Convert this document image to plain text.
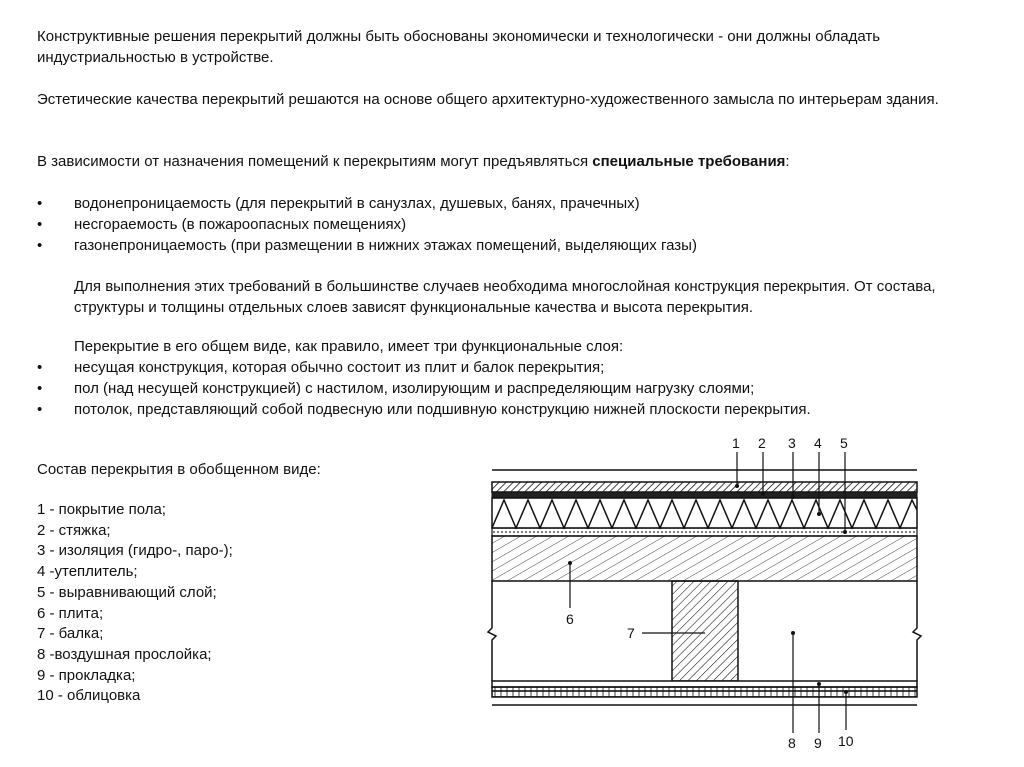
Конструктивные решения перекрытий должны быть обоснованы экономически и технологически - они должны обладать индустриальностью в устройстве.

Эстетические качества перекрытий решаются на основе общего архитектурно-художественного замысла по интерьерам здания.

В зависимости от назначения помещений к перекрытиям могут предъявляться специальные требования:

• водонепроницаемость (для перекрытий в санузлах, душевых, банях, прачечных)
• несгораемость (в пожароопасных помещениях)
• газонепроницаемость (при размещении в нижних этажах помещений, выделяющих газы)

Для выполнения этих требований в большинстве случаев необходима многослойная конструкция перекрытия. От состава, структуры и толщины отдельных слоев зависят функциональные качества и высота перекрытия.

Перекрытие в его общем виде, как правило, имеет три функциональные слоя:

• несущая конструкция, которая обычно состоит из плит и балок перекрытия;
• пол (над несущей конструкцией) с настилом, изолирующим и распределяющим нагрузку слоями;
• потолок, представляющий собой подвесную или подшивную конструкцию нижней плоскости перекрытия.
Состав перекрытия в обобщенном виде:
1 - покрытие пола;
2 - стяжка;
3 - изоляция (гидро-, паро-);
4 -утеплитель;
5 - выравнивающий слой;
6 - плита;
7 - балка;
8 -воздушная прослойка;
9 - прокладка;
10 - облицовка
1 2 3 4 5
6
7
8 9 10
